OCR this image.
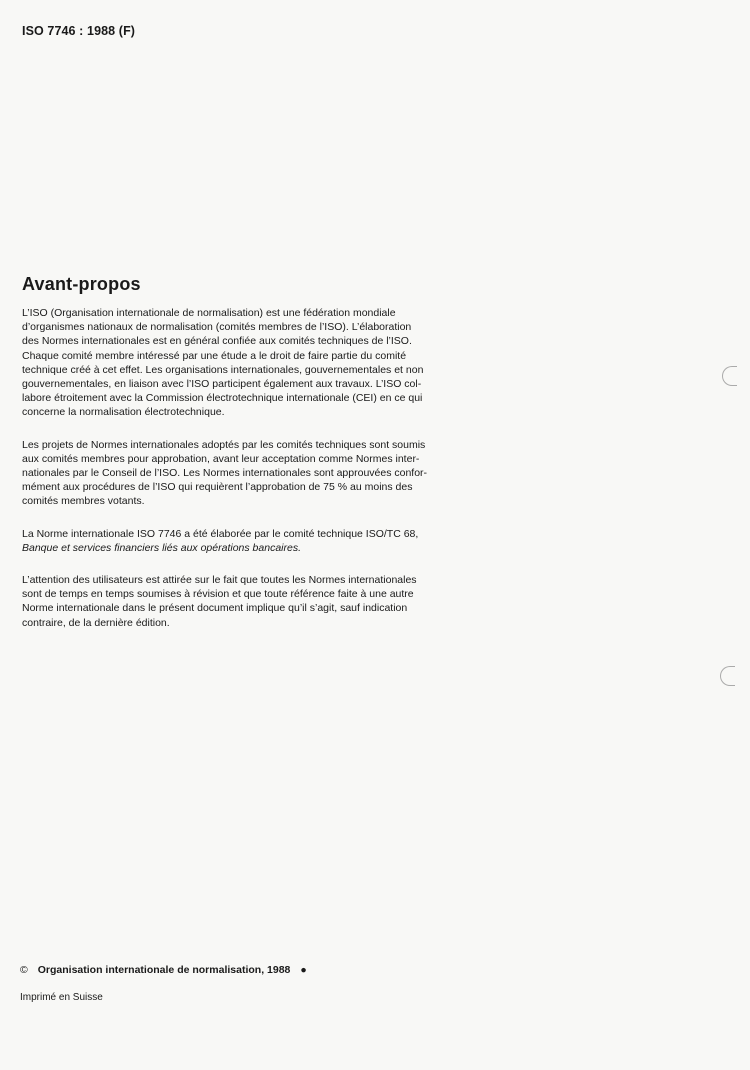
ISO 7746 : 1988 (F)
Avant-propos

L’ISO (Organisation internationale de normalisation) est une fédération mondiale
d’organismes nationaux de normalisation (comités membres de l’ISO). L’élaboration
des Normes internationales est en général confiée aux comités techniques de l’ISO.
Chaque comité membre intéressé par une étude a le droit de faire partie du comité
technique créé à cet effet. Les organisations internationales, gouvernementales et non
gouvernementales, en liaison avec l’ISO participent également aux travaux. L’ISO col-
labore étroitement avec la Commission électrotechnique internationale (CEI) en ce qui
concerne la normalisation électrotechnique.

Les projets de Normes internationales adoptés par les comités techniques sont soumis
aux comités membres pour approbation, avant leur acceptation comme Normes inter-
nationales par le Conseil de l’ISO. Les Normes internationales sont approuvées confor-
mément aux procédures de l’ISO qui requièrent l’approbation de 75 % au moins des
comités membres votants.

La Norme internationale ISO 7746 a été élaborée par le comité technique ISO/TC 68,
Banque et services financiers liés aux opérations bancaires.

L’attention des utilisateurs est attirée sur le fait que toutes les Normes internationales
sont de temps en temps soumises à révision et que toute référence faite à une autre
Norme internationale dans le présent document implique qu’il s’agit, sauf indication
contraire, de la dernière édition.

© Organisation internationale de normalisation, 1988 ●
Imprimé en Suisse
